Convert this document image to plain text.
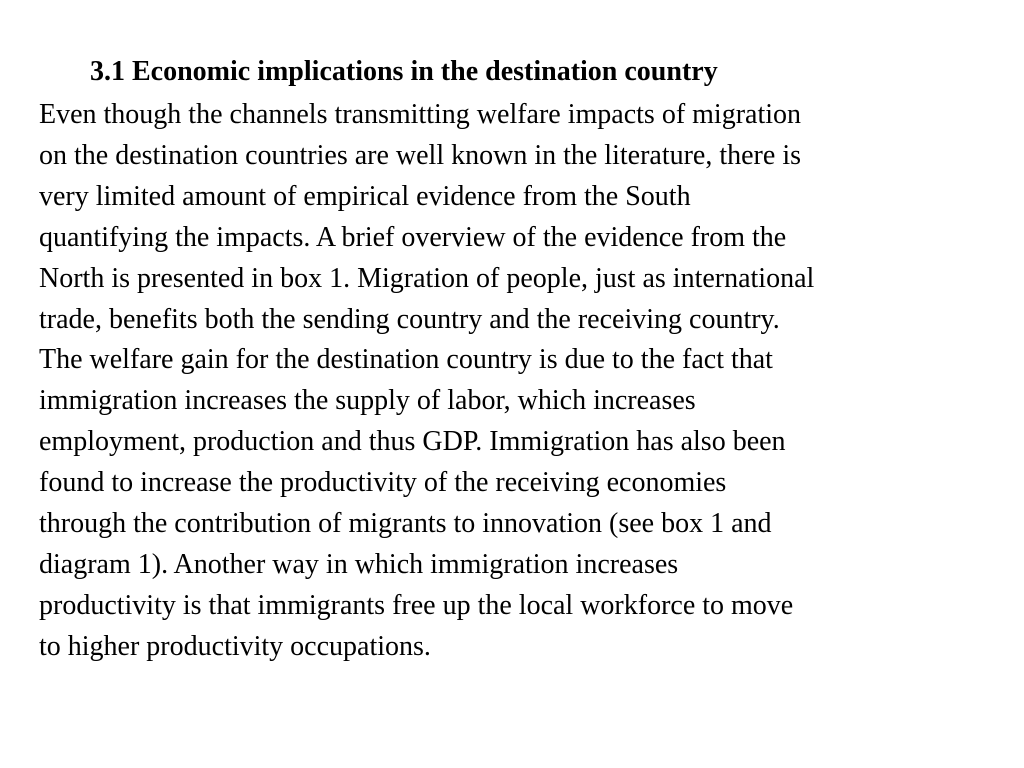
3.1 Economic implications in the destination country

Even though the channels transmitting welfare impacts of migration
on the destination countries are well known in the literature, there is
very limited amount of empirical evidence from the South
quantifying the impacts. A brief overview of the evidence from the
North is presented in box 1. Migration of people, just as international
trade, benefits both the sending country and the receiving country.
The welfare gain for the destination country is due to the fact that
immigration increases the supply of labor, which increases
employment, production and thus GDP. Immigration has also been
found to increase the productivity of the receiving economies
through the contribution of migrants to innovation (see box 1 and
diagram 1). Another way in which immigration increases
productivity is that immigrants free up the local workforce to move
to higher productivity occupations.
